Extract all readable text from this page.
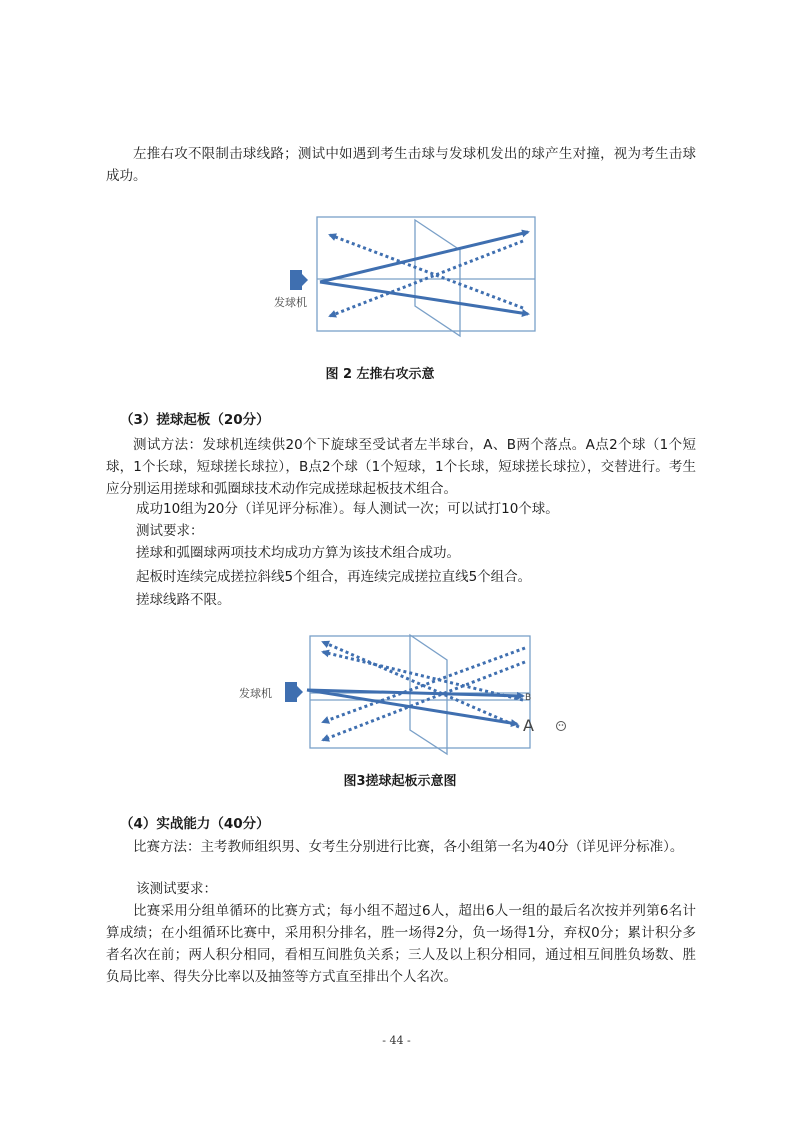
左推右攻不限制击球线路；测试中如遇到考生击球与发球机发出的球产生对撞，视为考生击球成功。

发球机

图 2 左推右攻示意

（3）搓球起板（20分）

测试方法：发球机连续供20个下旋球至受试者左半球台，A、B两个落点。A点2个球（1个短球，1个长球，短球搓长球拉），B点2个球（1个短球，1个长球，短球搓长球拉），交替进行。考生应分别运用搓球和弧圈球技术动作完成搓球起板技术组合。

成功10组为20分（详见评分标准）。每人测试一次；可以试打10个球。

测试要求：

搓球和弧圈球两项技术均成功方算为该技术组合成功。

起板时连续完成搓拉斜线5个组合，再连续完成搓拉直线5个组合。

搓球线路不限。

发球机	B
A

图3搓球起板示意图

（4）实战能力（40分）

比赛方法：主考教师组织男、女考生分别进行比赛，各小组第一名为40分（详见评分标准）。

该测试要求：

比赛采用分组单循环的比赛方式；每小组不超过6人，超出6人一组的最后名次按并列第6名计算成绩；在小组循环比赛中，采用积分排名，胜一场得2分，负一场得1分，弃权0分；累计积分多者名次在前；两人积分相同，看相互间胜负关系；三人及以上积分相同，通过相互间胜负场数、胜负局比率、得失分比率以及抽签等方式直至排出个人名次。

- 44 -
